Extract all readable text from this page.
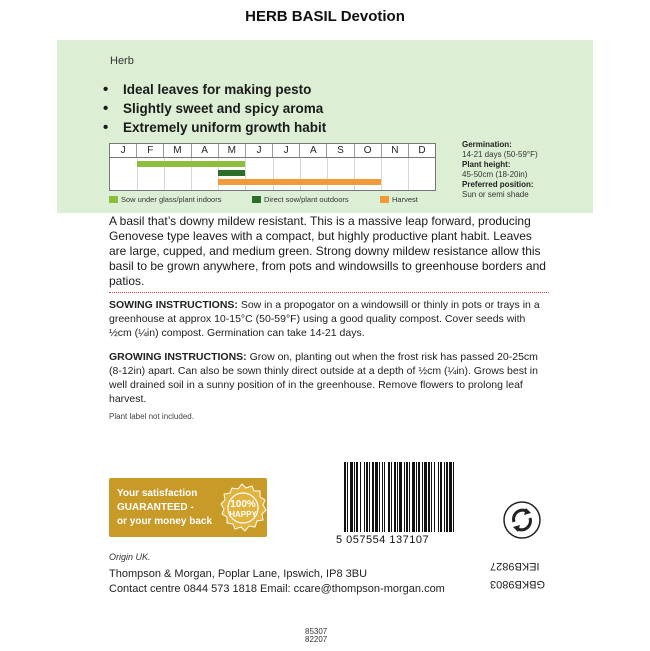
HERB BASIL Devotion
Herb
• Ideal leaves for making pesto
• Slightly sweet and spicy aroma
• Extremely uniform growth habit
J	F	M	A	M	J	J	A	S	O	N	D
Sow under glass/plant indoors	Direct sow/plant outdoors	Harvest
Germination:
14-21 days (50-59°F)
Plant height:
45-50cm (18-20in)
Preferred position:
Sun or semi shade
A basil that’s downy mildew resistant. This is a massive leap forward, producing Genovese type leaves with a compact, but highly productive plant habit. Leaves are large, cupped, and medium green. Strong downy mildew resistance allow this basil to be grown anywhere, from pots and windowsills to greenhouse borders and patios.
SOWING INSTRUCTIONS: Sow in a propogator on a windowsill or thinly in pots or trays in a greenhouse at approx 10-15°C (50-59°F) using a good quality compost. Cover seeds with ½cm (¼in) compost. Germination can take 14-21 days.
GROWING INSTRUCTIONS: Grow on, planting out when the frost risk has passed 20-25cm (8-12in) apart. Can also be sown thinly direct outside at a depth of ½cm (¼in). Grows best in well drained soil in a sunny position of in the greenhouse. Remove flowers to prolong leaf harvest.
Plant label not included.
Your satisfaction
GUARANTEED -
or your money back
100%
HAPPY
5 057554 137107
Origin UK.
Thompson & Morgan, Poplar Lane, Ipswich, IP8 3BU
Contact centre 0844 573 1818 Email: ccare@thompson-morgan.com
IEKB9827
GBKB9803
85307
82207
